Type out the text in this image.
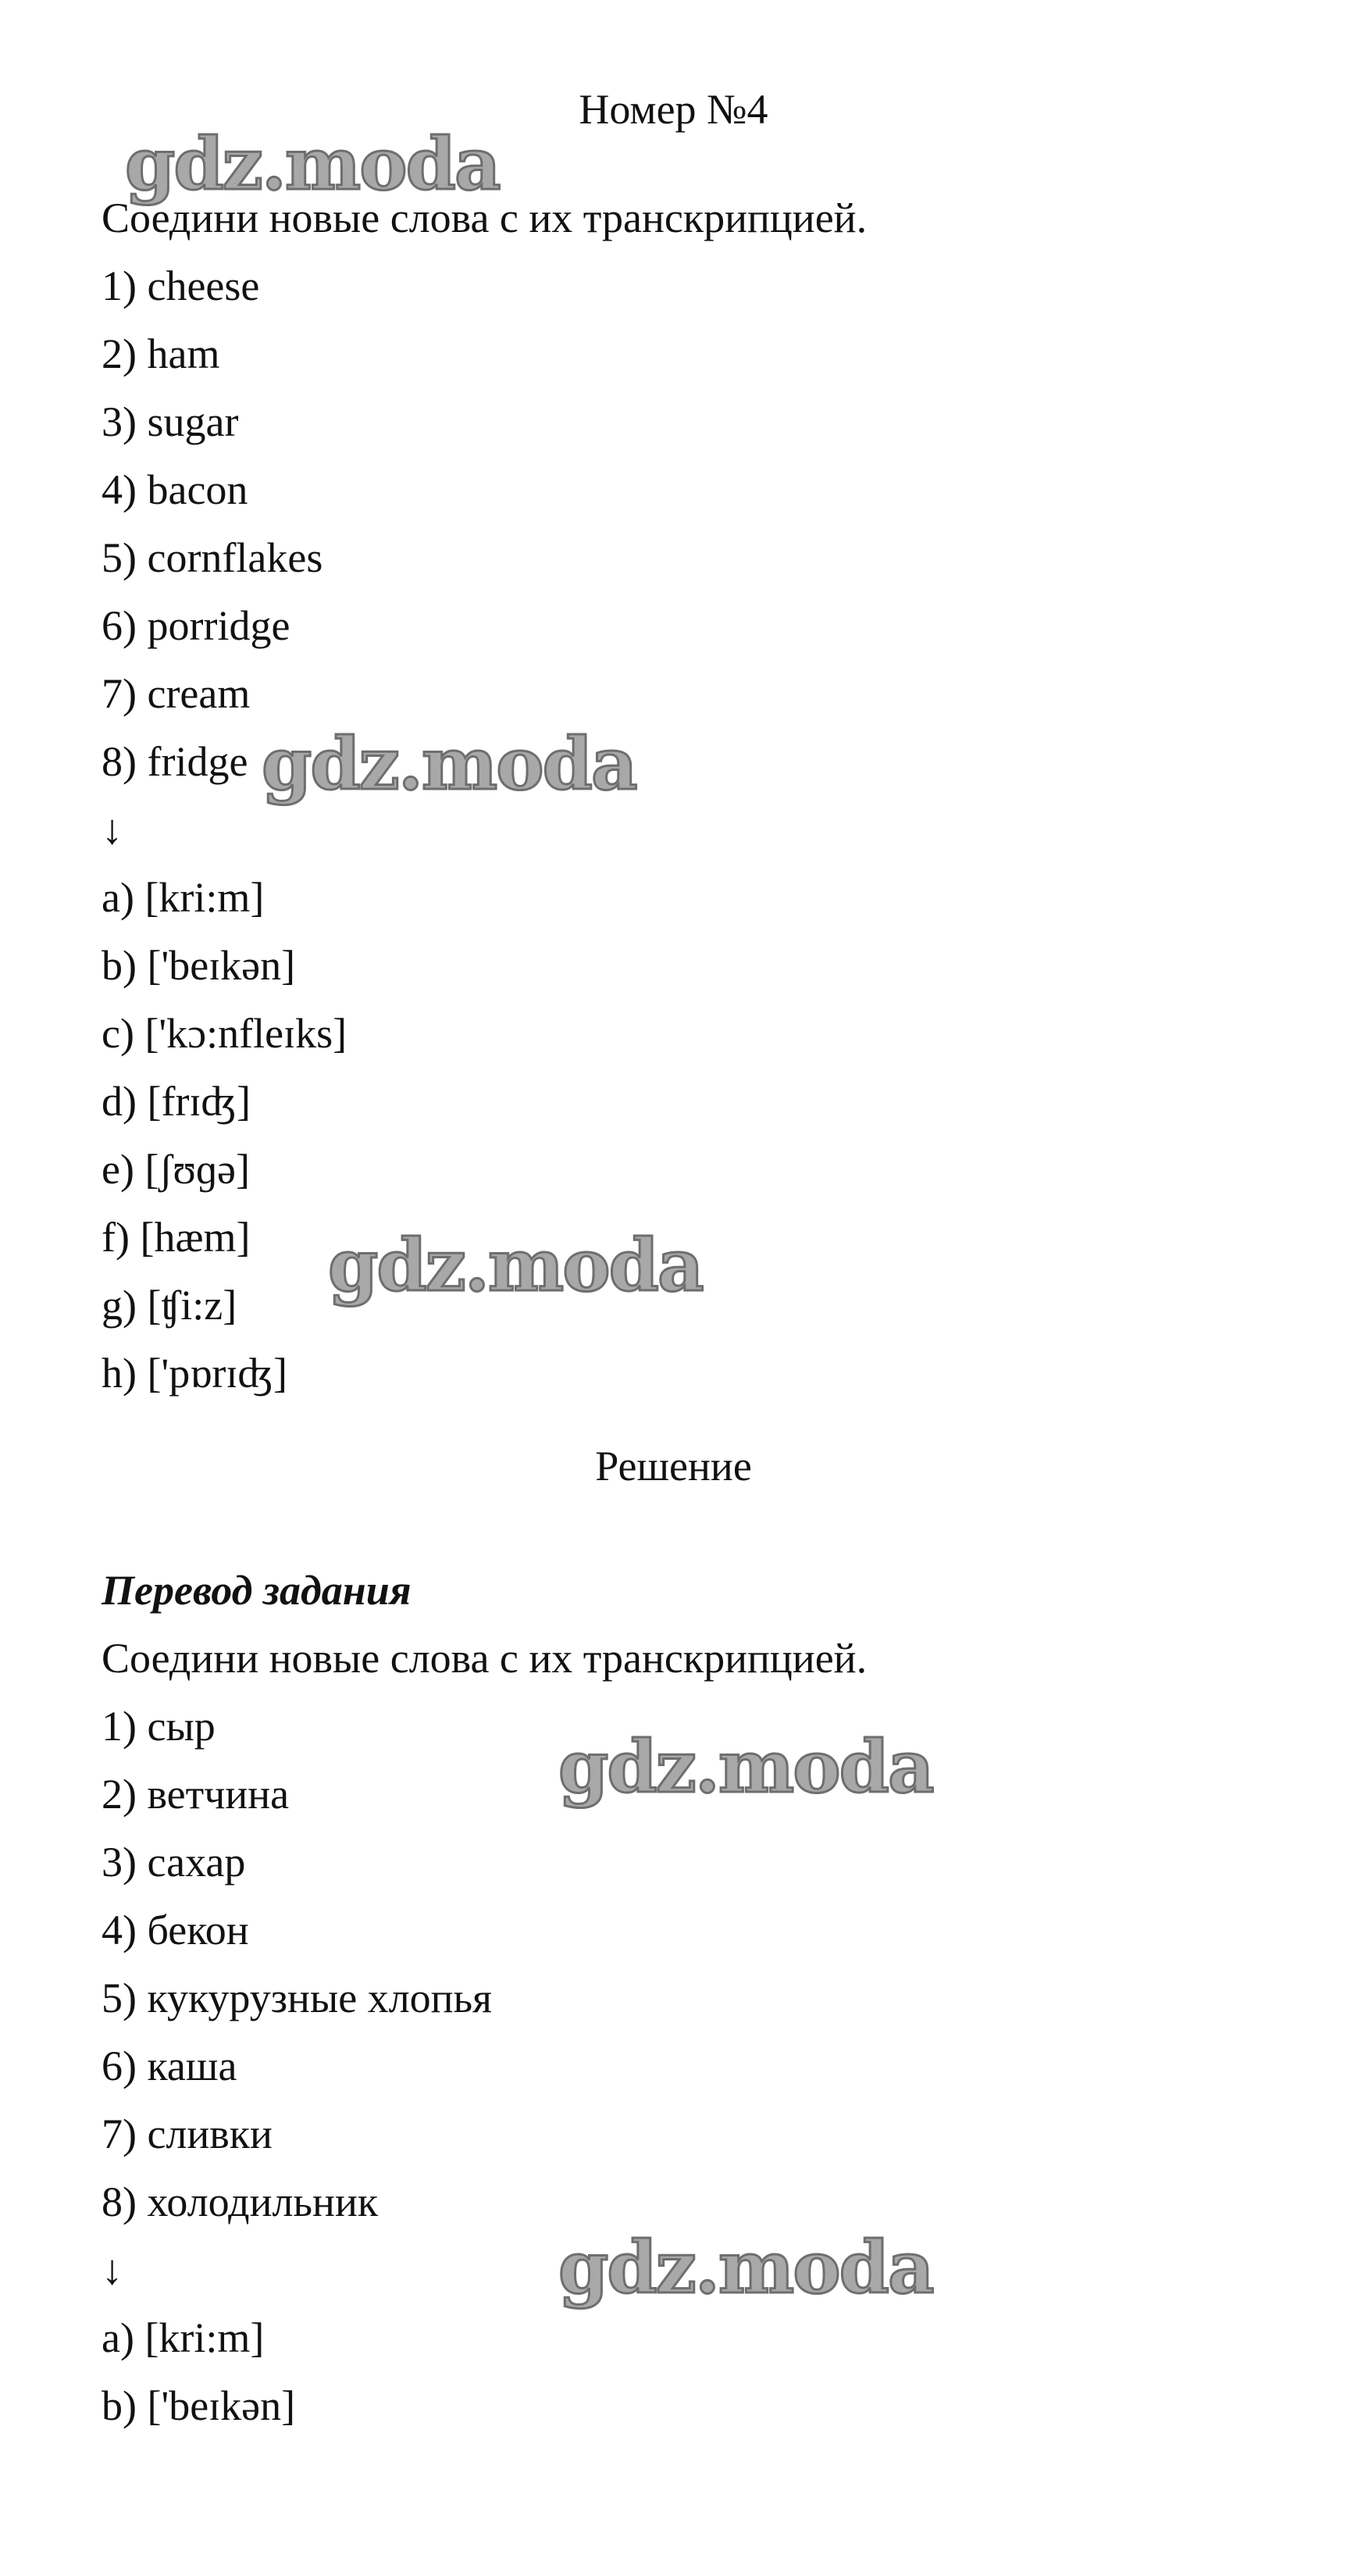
Номер №4
Соедини новые слова с их транскрипцией.
1) cheese
2) ham
3) sugar
4) bacon
5) cornflakes
6) porridge
7) cream
8) fridge
↓
a) [kri:m]
b) ['beɪkən]
c) ['kɔ:nfleɪks]
d) [frɪʤ]
e) [ʃʊɡə]
f) [hæm]
g) [ʧi:z]
h) ['pɒrɪʤ]
Решение
Перевод задания
Соедини новые слова с их транскрипцией.
1) сыр
2) ветчина
3) сахар
4) бекон
5) кукурузные хлопья
6) каша
7) сливки
8) холодильник
↓
a) [kri:m]
b) ['beɪkən]
gdz.moda
gdz.moda
gdz.moda
gdz.moda
gdz.moda
